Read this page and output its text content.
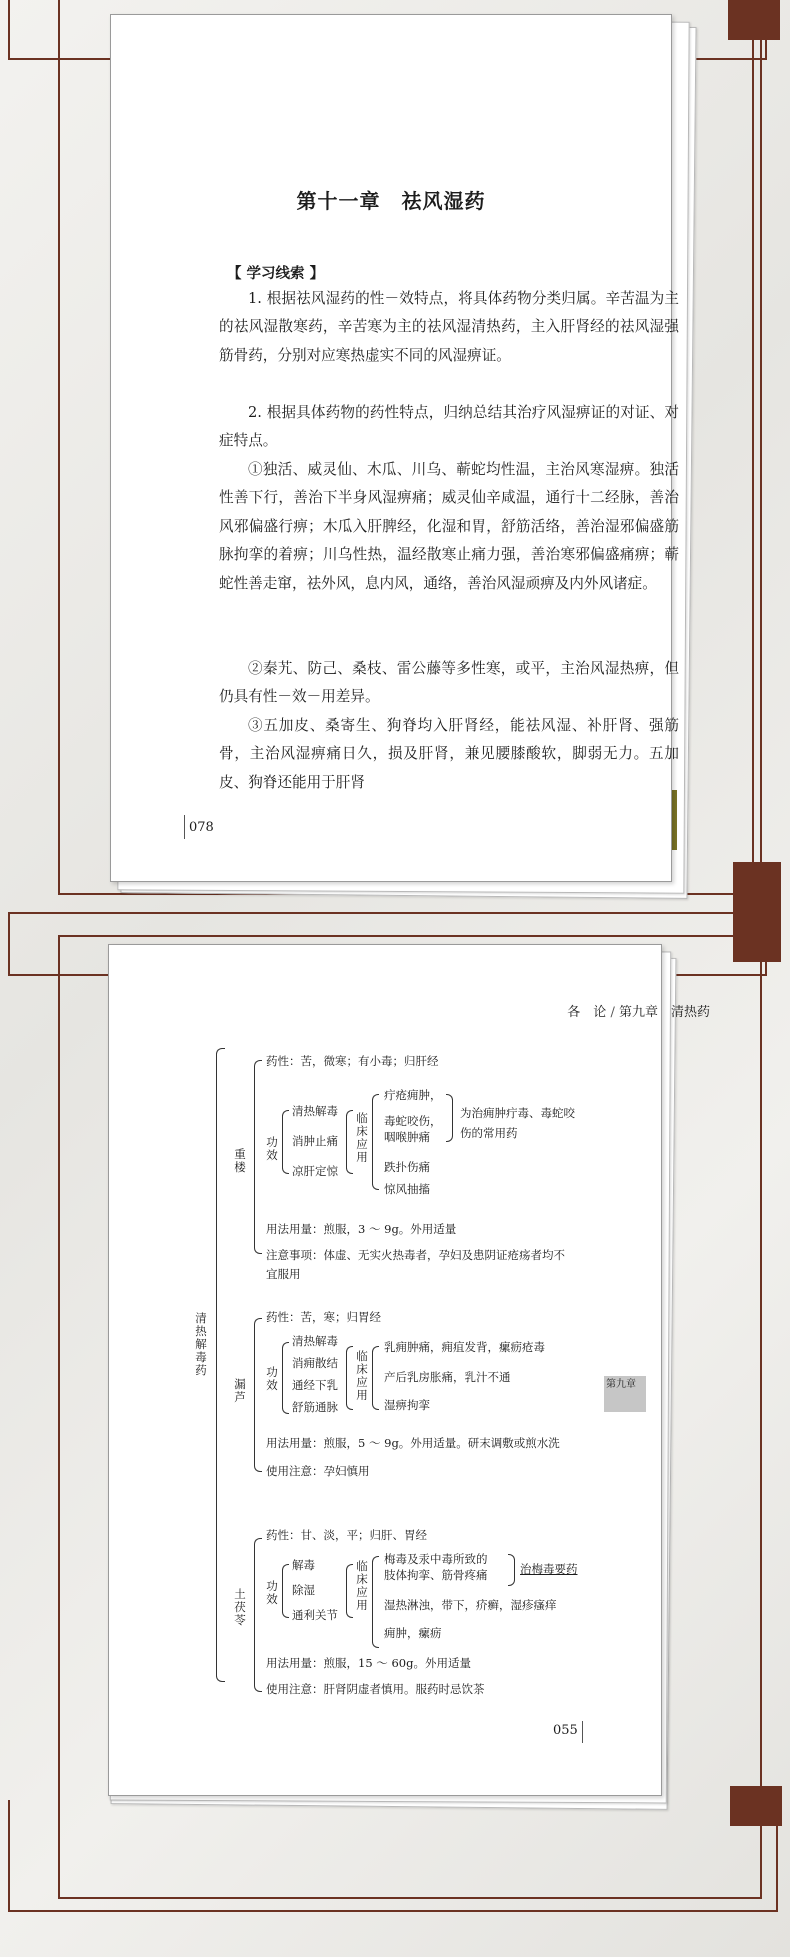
第十一章　祛风湿药
【 学习线索 】

1. 根据祛风湿药的性－效特点，将具体药物分类归属。辛苦温为主的祛风湿散寒药，辛苦寒为主的祛风湿清热药，主入肝肾经的祛风湿强筋骨药，分别对应寒热虚实不同的风湿痹证。

2. 根据具体药物的药性特点，归纳总结其治疗风湿痹证的对证、对症特点。

①独活、威灵仙、木瓜、川乌、蕲蛇均性温，主治风寒湿痹。独活性善下行，善治下半身风湿痹痛；威灵仙辛咸温，通行十二经脉，善治风邪偏盛行痹；木瓜入肝脾经，化湿和胃，舒筋活络，善治湿邪偏盛筋脉拘挛的着痹；川乌性热，温经散寒止痛力强，善治寒邪偏盛痛痹；蕲蛇性善走窜，祛外风，息内风，通络，善治风湿顽痹及内外风诸症。

②秦艽、防己、桑枝、雷公藤等多性寒，或平，主治风湿热痹，但仍具有性－效－用差异。

③五加皮、桑寄生、狗脊均入肝肾经，能祛风湿、补肝肾、强筋骨，主治风湿痹痛日久，损及肝肾，兼见腰膝酸软，脚弱无力。五加皮、狗脊还能用于肝肾

078
各　论 / 第九章　清热药
清热解毒药
重楼
药性：苦，微寒；有小毒；归肝经
功效
清热解毒
消肿止痛
凉肝定惊
临床应用
疔疮痈肿，
毒蛇咬伤，
咽喉肿痛
跌扑伤痛
惊风抽搐
为治痈肿疔毒、毒蛇咬伤的常用药
用法用量：煎服，3 ～ 9g。外用适量
注意事项：体虚、无实火热毒者，孕妇及患阴证疮疡者均不宜服用
漏芦
药性：苦，寒；归胃经
功效
清热解毒
消痈散结
通经下乳
舒筋通脉
临床应用
乳痈肿痛，痈疽发背，瘰疬疮毒
产后乳房胀痛，乳汁不通
湿痹拘挛
用法用量：煎服，5 ～ 9g。外用适量。研末调敷或煎水洗
使用注意：孕妇慎用
第九章
土茯苓
药性：甘、淡，平；归肝、胃经
功效
解毒
除湿
通利关节
临床应用
梅毒及汞中毒所致的
肢体拘挛、筋骨疼痛
湿热淋浊，带下，疥癣，湿疹瘙痒
痈肿，瘰疬
治梅毒要药
用法用量：煎服，15 ～ 60g。外用适量
使用注意：肝肾阴虚者慎用。服药时忌饮茶
055
